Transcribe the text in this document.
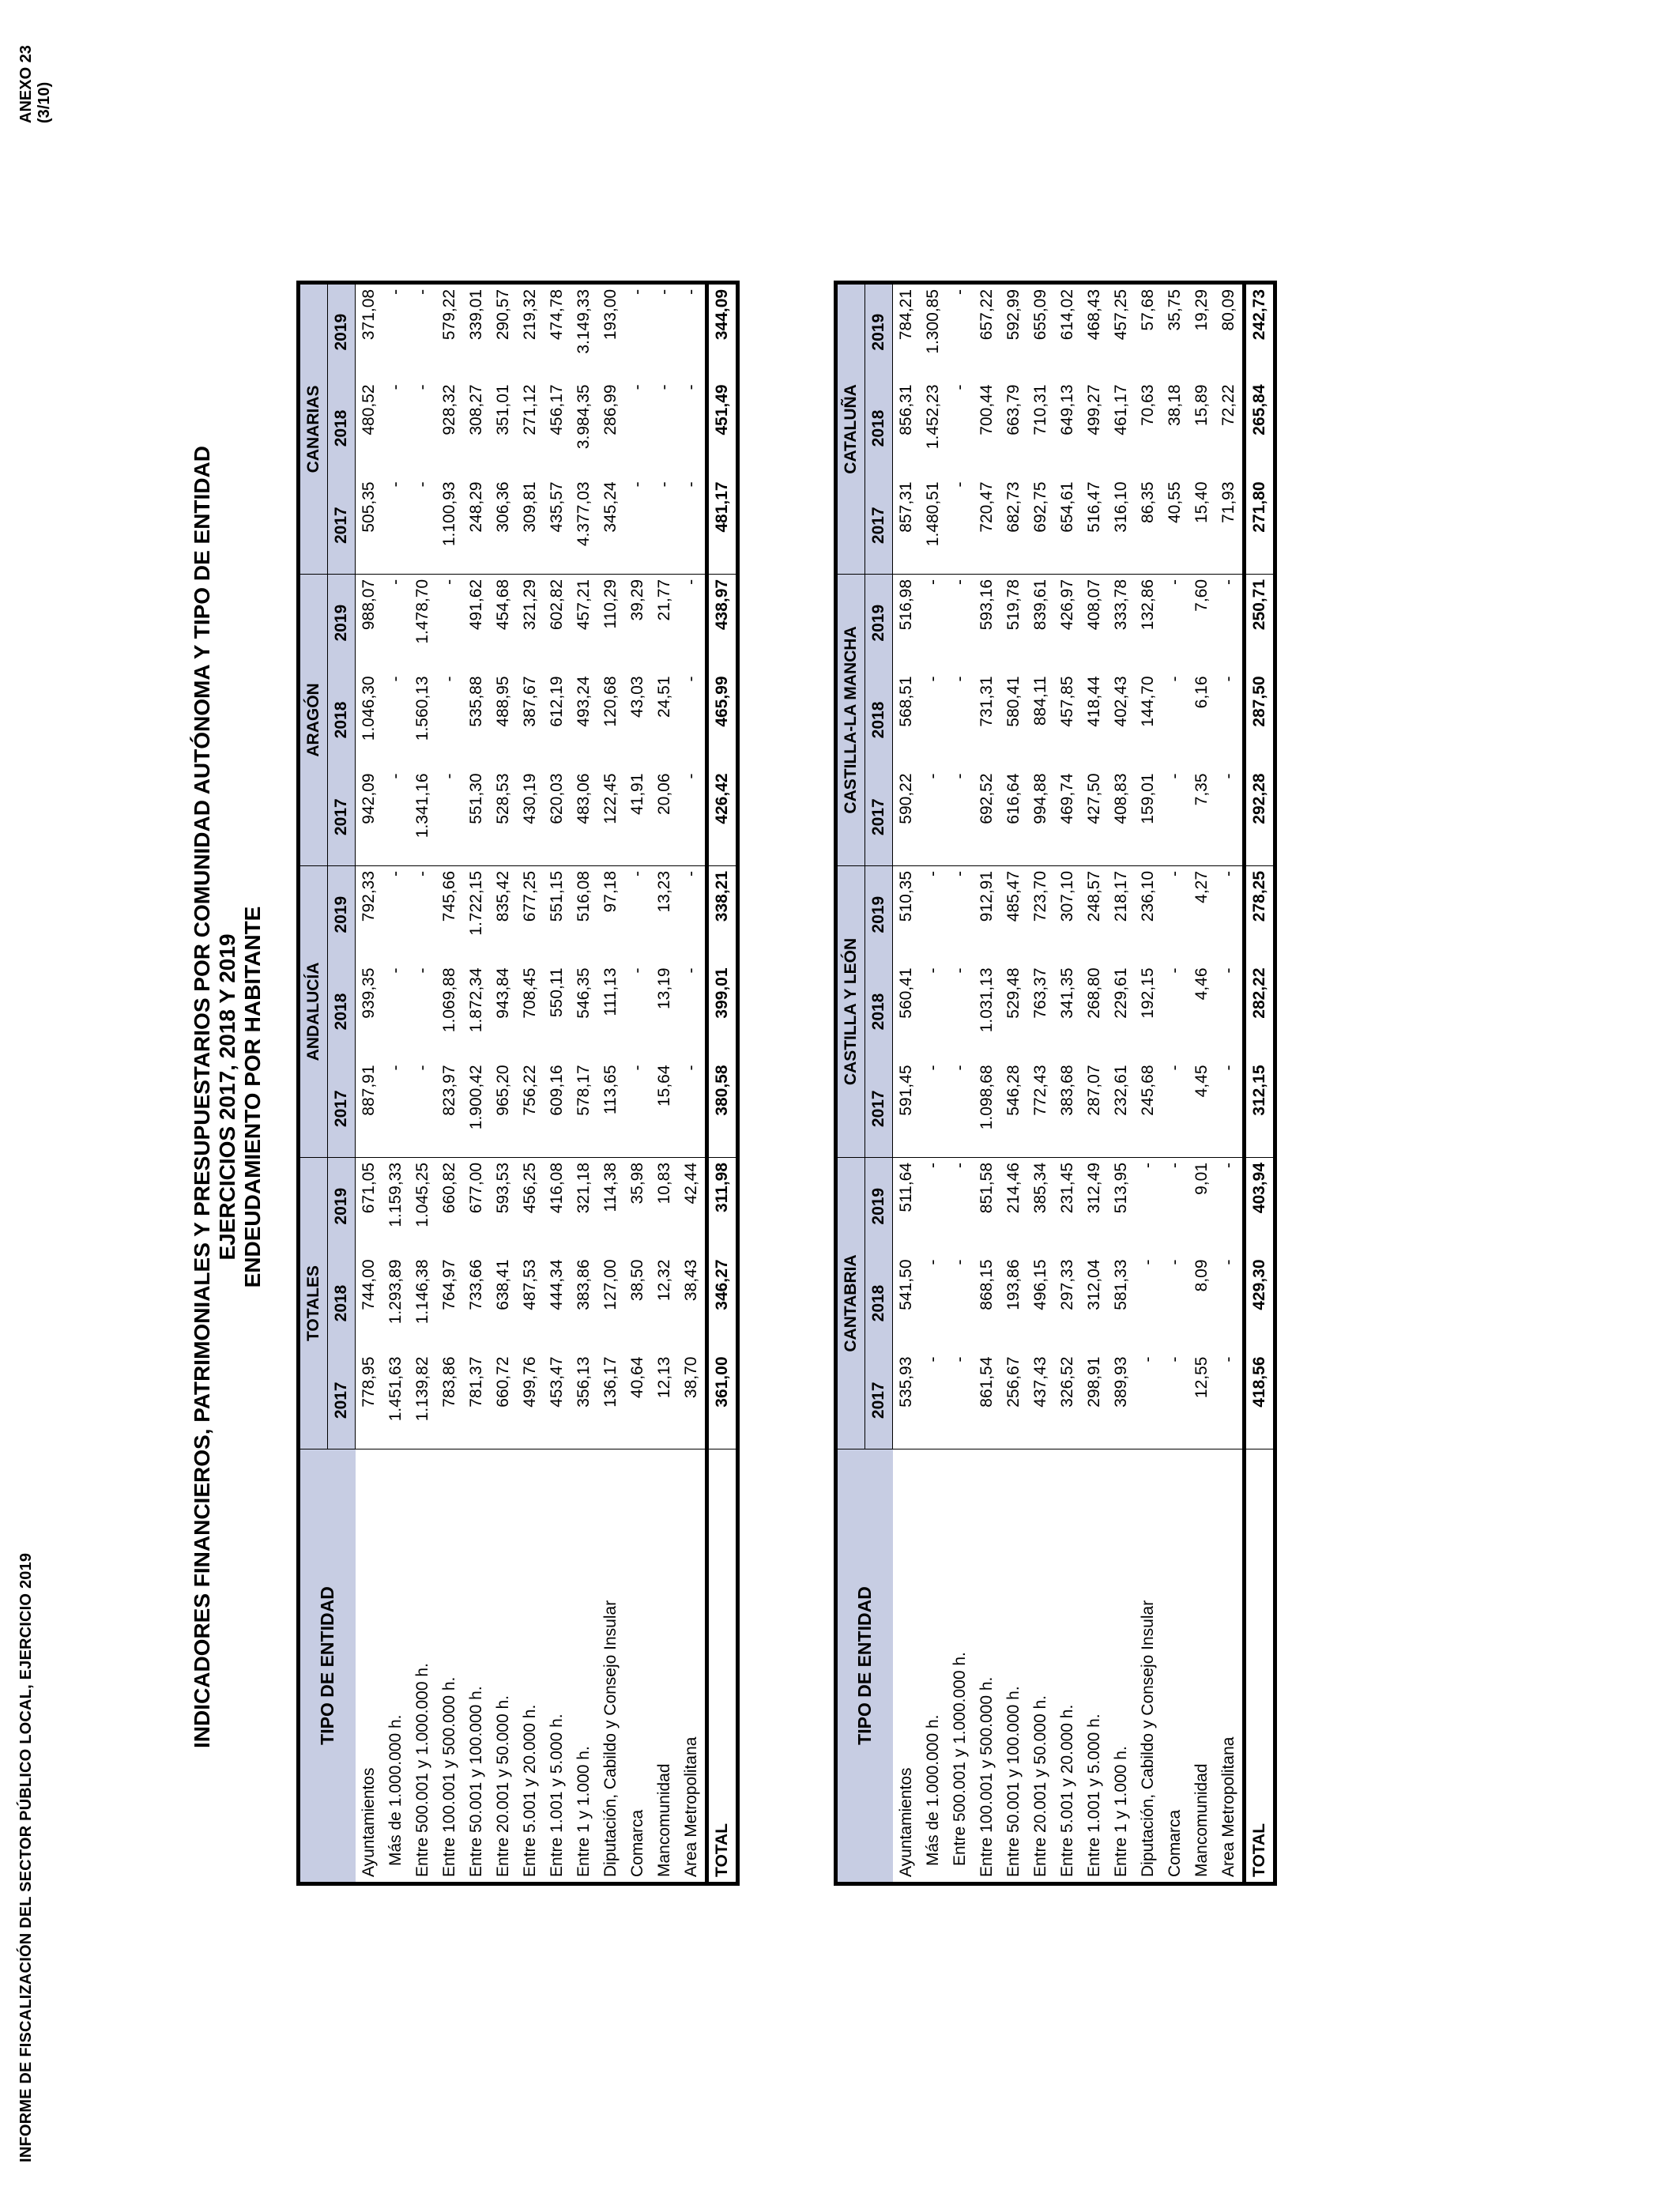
INFORME DE FISCALIZACIÓN DEL SECTOR PÚBLICO LOCAL, EJERCICIO 2019
ANEXO 23 (3/10)
INDICADORES FINANCIEROS, PATRIMONIALES Y PRESUPUESTARIOS POR COMUNIDAD AUTÓNOMA Y TIPO DE ENTIDAD EJERCICIOS 2017, 2018 Y 2019 ENDEUDAMIENTO POR HABITANTE
TIPO DE ENTIDAD	TOTALES			ANDALUCÍA			ARAGÓN			CANARIAS		
	2017	2018	2019	2017	2018	2019	2017	2018	2019	2017	2018	2019
Ayuntamientos	778,95	744,00	671,05	887,91	939,35	792,33	942,09	1.046,30	988,07	505,35	480,52	371,08
Más de 1.000.000 h.	1.451,63	1.293,89	1.159,33	-	-	-	-	-	-	-	-	-
Entre 500.001 y 1.000.000 h.	1.139,82	1.146,38	1.045,25	-	-	-	1.341,16	1.560,13	1.478,70	-	-	-
Entre 100.001 y 500.000 h.	783,86	764,97	660,82	823,97	1.069,88	745,66	-	-	-	1.100,93	928,32	579,22
Entre 50.001 y 100.000 h.	781,37	733,66	677,00	1.900,42	1.872,34	1.722,15	551,30	535,88	491,62	248,29	308,27	339,01
Entre 20.001 y 50.000 h.	660,72	638,41	593,53	965,20	943,84	835,42	528,53	488,95	454,68	306,36	351,01	290,57
Entre 5.001 y 20.000 h.	499,76	487,53	456,25	756,22	708,45	677,25	430,19	387,67	321,29	309,81	271,12	219,32
Entre 1.001 y 5.000 h.	453,47	444,34	416,08	609,16	550,11	551,15	620,03	612,19	602,82	435,57	456,17	474,78
Entre 1 y 1.000 h.	356,13	383,86	321,18	578,17	546,35	516,08	483,06	493,24	457,21	4.377,03	3.984,35	3.149,33
Diputación, Cabildo y Consejo Insular	136,17	127,00	114,38	113,65	111,13	97,18	122,45	120,68	110,29	345,24	286,99	193,00
Comarca	40,64	38,50	35,98	-	-	-	41,91	43,03	39,29	-	-	-
Mancomunidad	12,13	12,32	10,83	15,64	13,19	13,23	20,06	24,51	21,77	-	-	-
Area Metropolitana	38,70	38,43	42,44	-	-	-	-	-	-	-	-	-
TOTAL	361,00	346,27	311,98	380,58	399,01	338,21	426,42	465,99	438,97	481,17	451,49	344,09
TIPO DE ENTIDAD	CANTABRIA			CASTILLA Y LEÓN			CASTILLA-LA MANCHA			CATALUÑA		
	2017	2018	2019	2017	2018	2019	2017	2018	2019	2017	2018	2019
Ayuntamientos	535,93	541,50	511,64	591,45	560,41	510,35	590,22	568,51	516,98	857,31	856,31	784,21
Más de 1.000.000 h.	-	-	-	-	-	-	-	-	-	1.480,51	1.452,23	1.300,85
Entre 500.001 y 1.000.000 h.	-	-	-	-	-	-	-	-	-	-	-	-
Entre 100.001 y 500.000 h.	861,54	868,15	851,58	1.098,68	1.031,13	912,91	692,52	731,31	593,16	720,47	700,44	657,22
Entre 50.001 y 100.000 h.	256,67	193,86	214,46	546,28	529,48	485,47	616,64	580,41	519,78	682,73	663,79	592,99
Entre 20.001 y 50.000 h.	437,43	496,15	385,34	772,43	763,37	723,70	994,88	884,11	839,61	692,75	710,31	655,09
Entre 5.001 y 20.000 h.	326,52	297,33	231,45	383,68	341,35	307,10	469,74	457,85	426,97	654,61	649,13	614,02
Entre 1.001 y 5.000 h.	298,91	312,04	312,49	287,07	268,80	248,57	427,50	418,44	408,07	516,47	499,27	468,43
Entre 1 y 1.000 h.	389,93	581,33	513,95	232,61	229,61	218,17	408,83	402,43	333,78	316,10	461,17	457,25
Diputación, Cabildo y Consejo Insular	-	-	-	245,68	192,15	236,10	159,01	144,70	132,86	86,35	70,63	57,68
Comarca	-	-	-	-	-	-	-	-	-	40,55	38,18	35,75
Mancomunidad	12,55	8,09	9,01	4,45	4,46	4,27	7,35	6,16	7,60	15,40	15,89	19,29
Area Metropolitana	-	-	-	-	-	-	-	-	-	71,93	72,22	80,09
TOTAL	418,56	429,30	403,94	312,15	282,22	278,25	292,28	287,50	250,71	271,80	265,84	242,73
